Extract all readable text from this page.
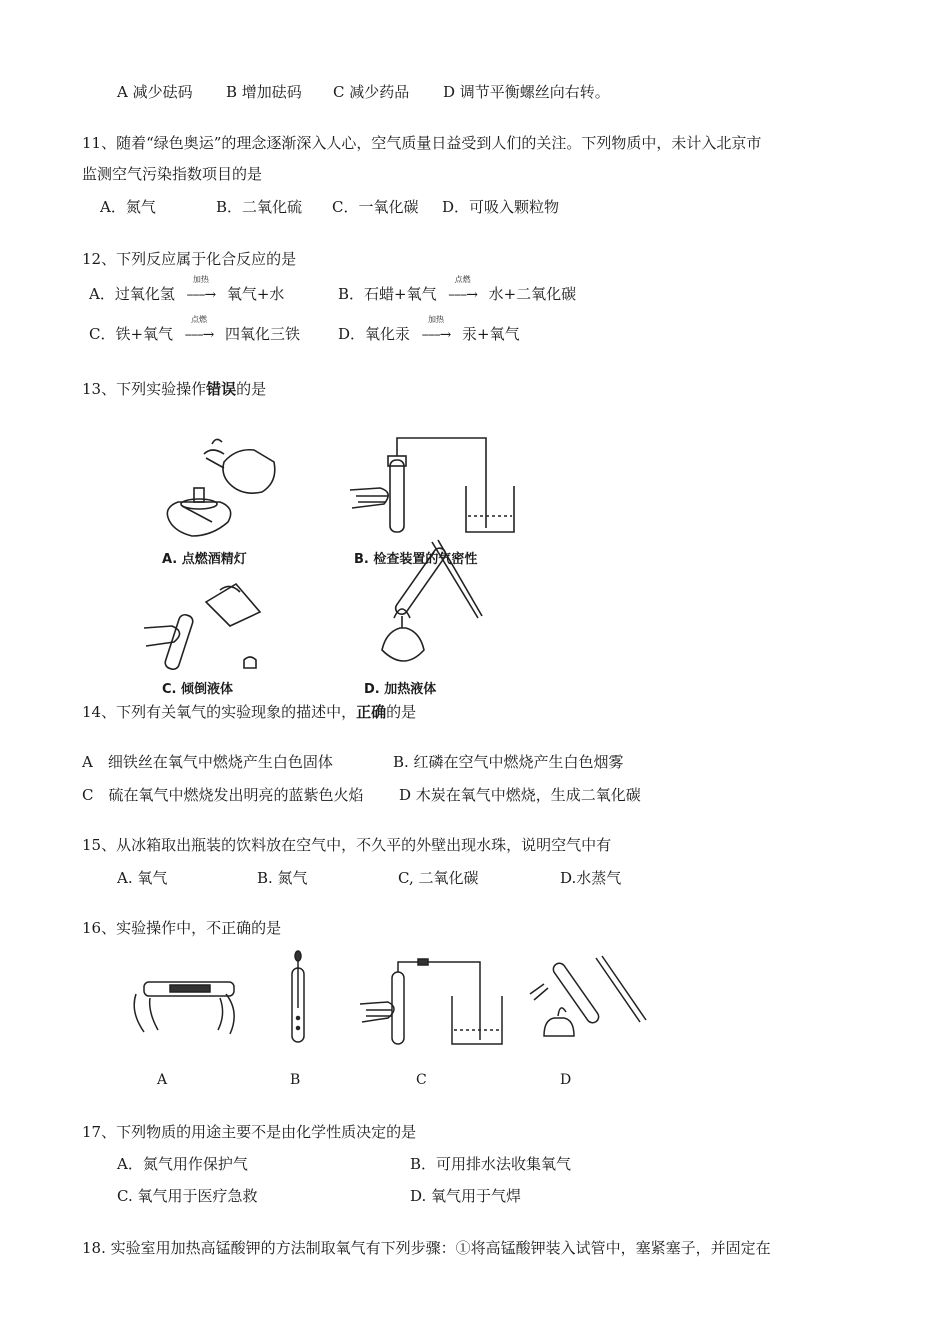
A 减少砝码 B 增加砝码 C 减少药品 D 调节平衡螺丝向右转。
11、随着“绿色奥运”的理念逐渐深入人心，空气质量日益受到人们的关注。下列物质中，未计入北京市
监测空气污染指数项目的是
A．氮气	B．二氧化硫 C．一氧化碳 D．可吸入颗粒物
12、下列反应属于化合反应的是
A．过氧化氢
加热
–––→ 氧气+水	B．石蜡+氧气
点燃
–––→ 水+二氧化碳
C．铁+氧气
点燃
–––→ 四氧化三铁	D．氧化汞
加热
–––→ 汞+氧气
13、下列实验操作错误的是
A. 点燃酒精灯	B. 检查装置的气密性
C. 倾倒液体	D. 加热液体
14、下列有关氧气的实验现象的描述中，正确的是
A　细铁丝在氧气中燃烧产生白色固体	B. 红磷在空气中燃烧产生白色烟雾
C　硫在氧气中燃烧发出明亮的蓝紫色火焰 D 木炭在氧气中燃烧，生成二氧化碳
15、从冰箱取出瓶装的饮料放在空气中，不久平的外壁出现水珠，说明空气中有
A. 氧气	B. 氮气	C, 二氧化碳	D.水蒸气
16、实验操作中，不正确的是
A	B	C	D
17、下列物质的用途主要不是由化学性质决定的是
A．氮气用作保护气	B．可用排水法收集氧气
C. 氧气用于医疗急救	D. 氧气用于气焊
18. 实验室用加热高锰酸钾的方法制取氧气有下列步骤：①将高锰酸钾装入试管中，塞紧塞子，并固定在
